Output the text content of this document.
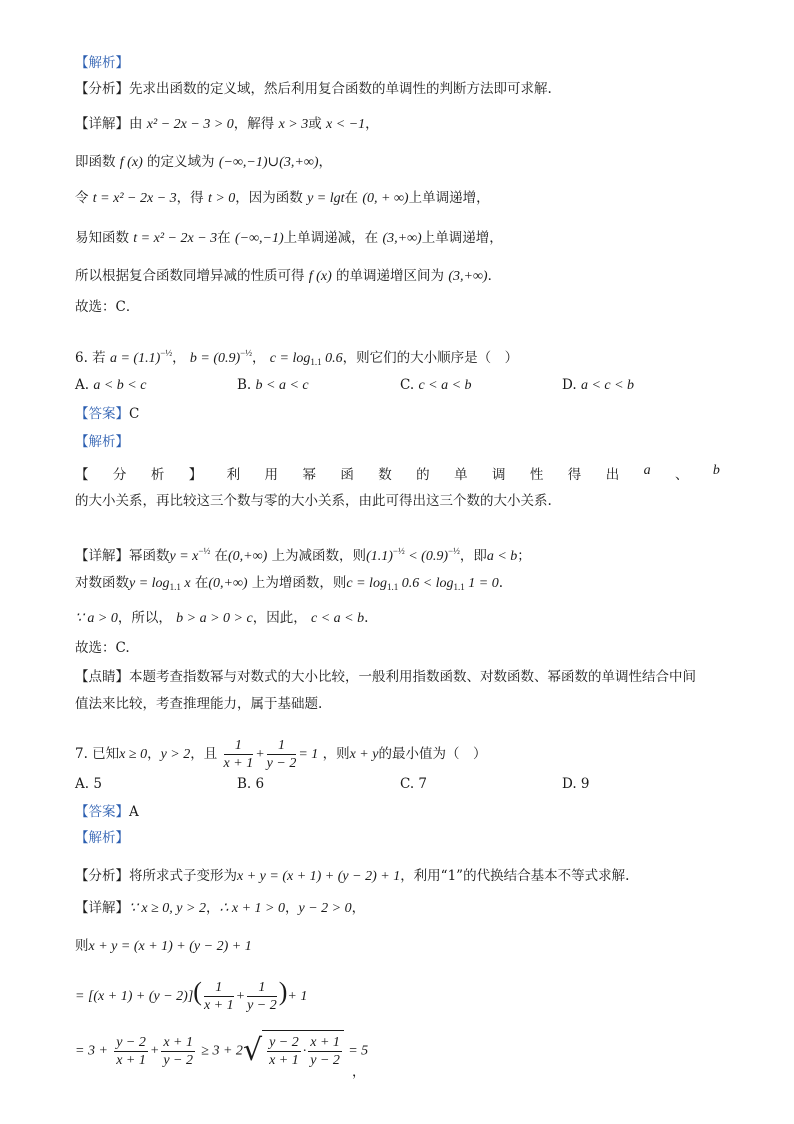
【解析】
【分析】先求出函数的定义域，然后利用复合函数的单调性的判断方法即可求解.
【详解】由 x² − 2x − 3 > 0，解得 x > 3或 x < −1，
即函数 f (x) 的定义域为 (−∞,−1)∪(3,+∞)，
令 t = x² − 2x − 3，得 t > 0，因为函数 y = lgt在 (0, + ∞)上单调递增，
易知函数 t = x² − 2x − 3在 (−∞,−1)上单调递减，在 (3,+∞)上单调递增，
所以根据复合函数同增异减的性质可得 f (x) 的单调递增区间为 (3,+∞)．
故选：C．
6. 若 $a = (1.1)^{-\frac{1}{2}}$， $b = (0.9)^{-\frac{1}{2}}$， $c = \log_{1.1} 0.6$，则它们的大小顺序是（　）
A. a < b < c	B. b < a < c	C. c < a < b	D. a < c < b
【答案】C
【解析】
【 分 析 】 利 用 幂 函 数 的 单 调 性 得 出 a 、 b
的大小关系，再比较这三个数与零的大小关系，由此可得出这三个数的大小关系.
【详解】幂函数$y = x^{-\frac{1}{2}}$ 在(0,+∞) 上为减函数，则$(1.1)^{-\frac{1}{2}} < (0.9)^{-\frac{1}{2}}$，即a < b；
对数函数$y = \log_{1.1} x$ 在(0,+∞) 上为增函数，则$c = \log_{1.1} 0.6 < \log_{1.1} 1 = 0$.
∵ a > 0，所以， b > a > 0 > c，因此， c < a < b.
故选：C.
【点睛】本题考查指数幂与对数式的大小比较，一般利用指数函数、对数函数、幂函数的单调性结合中间
值法来比较，考查推理能力，属于基础题.
7. 已知x ≥ 0，y > 2，且 $\frac{1}{x + 1} + \frac{1}{y - 2} = 1$ ，则x + y的最小值为（　）
A. 5	B. 6	C. 7	D. 9
【答案】A
【解析】
【分析】将所求式子变形为x + y = (x + 1) + (y − 2) + 1，利用“1”的代换结合基本不等式求解.
【详解】∵ x ≥ 0, y > 2，∴ x + 1 > 0，y − 2 > 0，
则x + y = (x + 1) + (y − 2) + 1
= $[(x + 1) + (y - 2)]( \frac{1}{x + 1} + \frac{1}{y - 2}$ )+ 1
= $3 + \frac{y - 2}{x + 1} + \frac{x + 1}{y - 2} \ge 3 + 2√ \frac{y - 2}{x + 1} \cdot \frac{x + 1}{y - 2} = 5$
，
